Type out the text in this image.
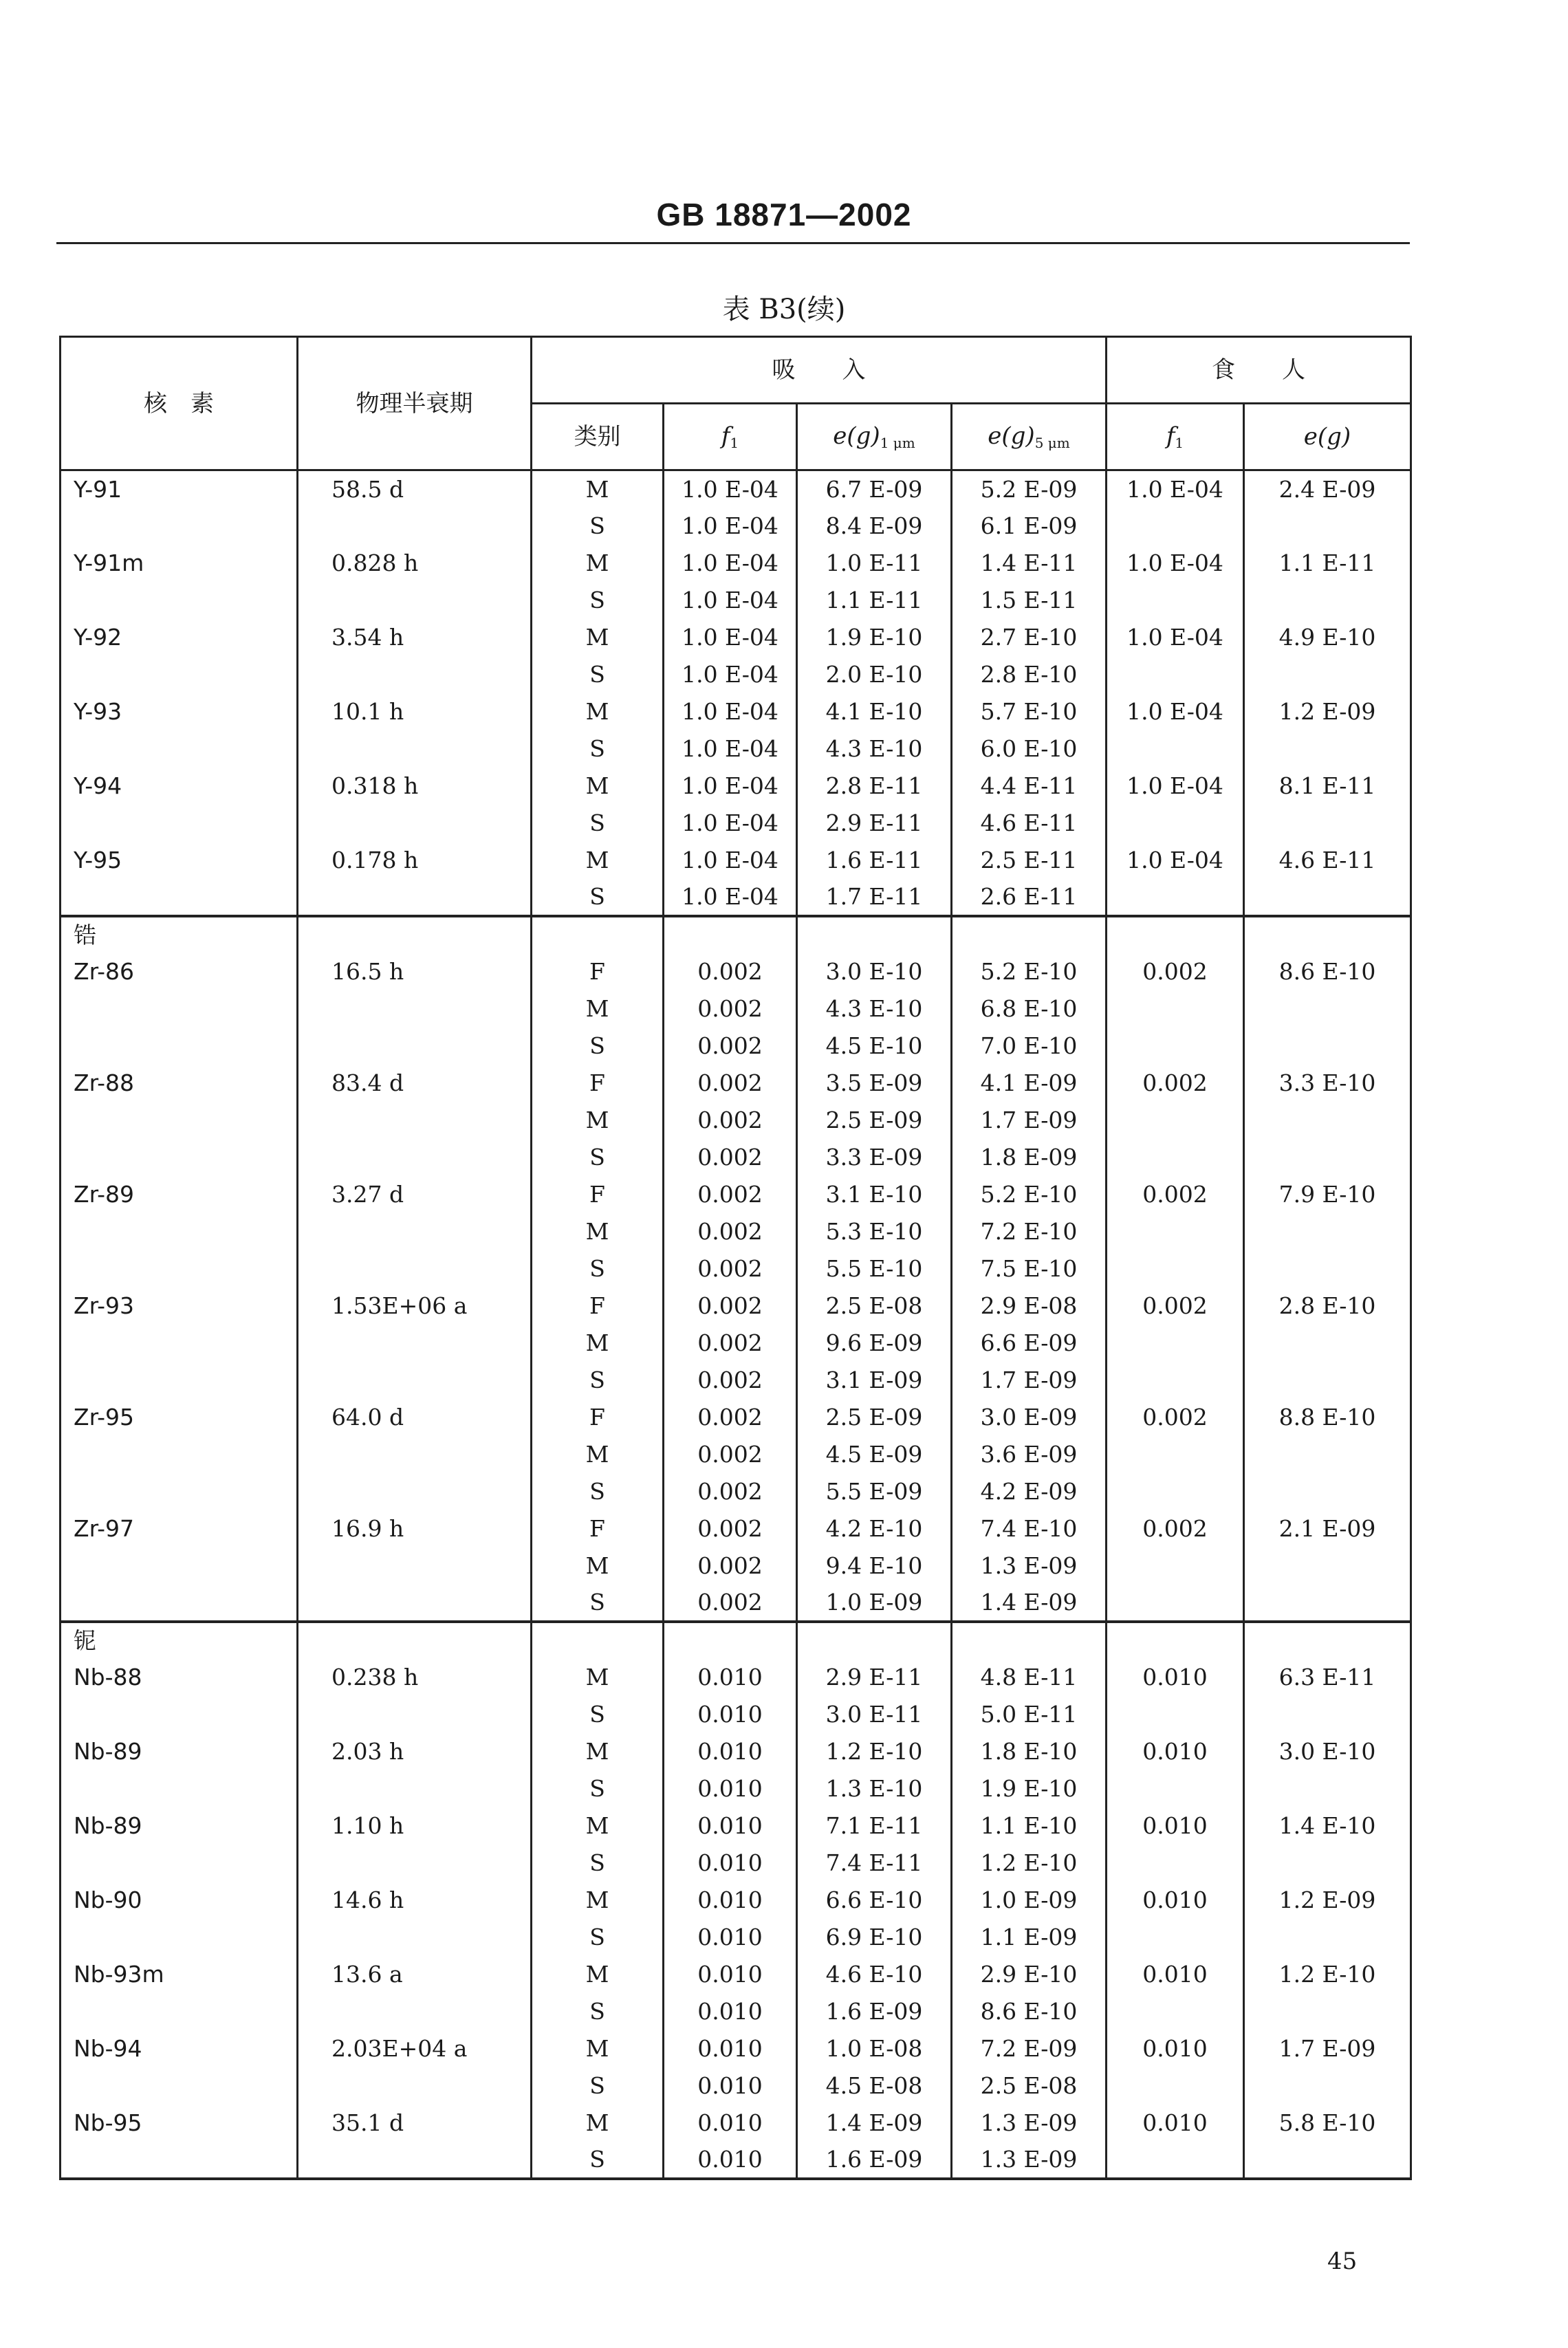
GB 18871—2002
表 B3(续)
核　素	物理半衰期	吸　　入				食　　人	
		类别	$f_1$	$e(g)_{1 \mu m}$	$e(g)_{5 \mu m}$	$f_1$	e(g)
Y-91	58.5 d	M	1.0 E-04	6.7 E-09	5.2 E-09	1.0 E-04	2.4 E-09
		S	1.0 E-04	8.4 E-09	6.1 E-09		
Y-91m	0.828 h	M	1.0 E-04	1.0 E-11	1.4 E-11	1.0 E-04	1.1 E-11
		S	1.0 E-04	1.1 E-11	1.5 E-11		
Y-92	3.54 h	M	1.0 E-04	1.9 E-10	2.7 E-10	1.0 E-04	4.9 E-10
		S	1.0 E-04	2.0 E-10	2.8 E-10		
Y-93	10.1 h	M	1.0 E-04	4.1 E-10	5.7 E-10	1.0 E-04	1.2 E-09
		S	1.0 E-04	4.3 E-10	6.0 E-10		
Y-94	0.318 h	M	1.0 E-04	2.8 E-11	4.4 E-11	1.0 E-04	8.1 E-11
		S	1.0 E-04	2.9 E-11	4.6 E-11		
Y-95	0.178 h	M	1.0 E-04	1.6 E-11	2.5 E-11	1.0 E-04	4.6 E-11
		S	1.0 E-04	1.7 E-11	2.6 E-11		
锆							
Zr-86	16.5 h	F	0.002	3.0 E-10	5.2 E-10	0.002	8.6 E-10
		M	0.002	4.3 E-10	6.8 E-10		
		S	0.002	4.5 E-10	7.0 E-10		
Zr-88	83.4 d	F	0.002	3.5 E-09	4.1 E-09	0.002	3.3 E-10
		M	0.002	2.5 E-09	1.7 E-09		
		S	0.002	3.3 E-09	1.8 E-09		
Zr-89	3.27 d	F	0.002	3.1 E-10	5.2 E-10	0.002	7.9 E-10
		M	0.002	5.3 E-10	7.2 E-10		
		S	0.002	5.5 E-10	7.5 E-10		
Zr-93	1.53E+06 a	F	0.002	2.5 E-08	2.9 E-08	0.002	2.8 E-10
		M	0.002	9.6 E-09	6.6 E-09		
		S	0.002	3.1 E-09	1.7 E-09		
Zr-95	64.0 d	F	0.002	2.5 E-09	3.0 E-09	0.002	8.8 E-10
		M	0.002	4.5 E-09	3.6 E-09		
		S	0.002	5.5 E-09	4.2 E-09		
Zr-97	16.9 h	F	0.002	4.2 E-10	7.4 E-10	0.002	2.1 E-09
		M	0.002	9.4 E-10	1.3 E-09		
		S	0.002	1.0 E-09	1.4 E-09		
铌							
Nb-88	0.238 h	M	0.010	2.9 E-11	4.8 E-11	0.010	6.3 E-11
		S	0.010	3.0 E-11	5.0 E-11		
Nb-89	2.03 h	M	0.010	1.2 E-10	1.8 E-10	0.010	3.0 E-10
		S	0.010	1.3 E-10	1.9 E-10		
Nb-89	1.10 h	M	0.010	7.1 E-11	1.1 E-10	0.010	1.4 E-10
		S	0.010	7.4 E-11	1.2 E-10		
Nb-90	14.6 h	M	0.010	6.6 E-10	1.0 E-09	0.010	1.2 E-09
		S	0.010	6.9 E-10	1.1 E-09		
Nb-93m	13.6 a	M	0.010	4.6 E-10	2.9 E-10	0.010	1.2 E-10
		S	0.010	1.6 E-09	8.6 E-10		
Nb-94	2.03E+04 a	M	0.010	1.0 E-08	7.2 E-09	0.010	1.7 E-09
		S	0.010	4.5 E-08	2.5 E-08		
Nb-95	35.1 d	M	0.010	1.4 E-09	1.3 E-09	0.010	5.8 E-10
		S	0.010	1.6 E-09	1.3 E-09		
45
